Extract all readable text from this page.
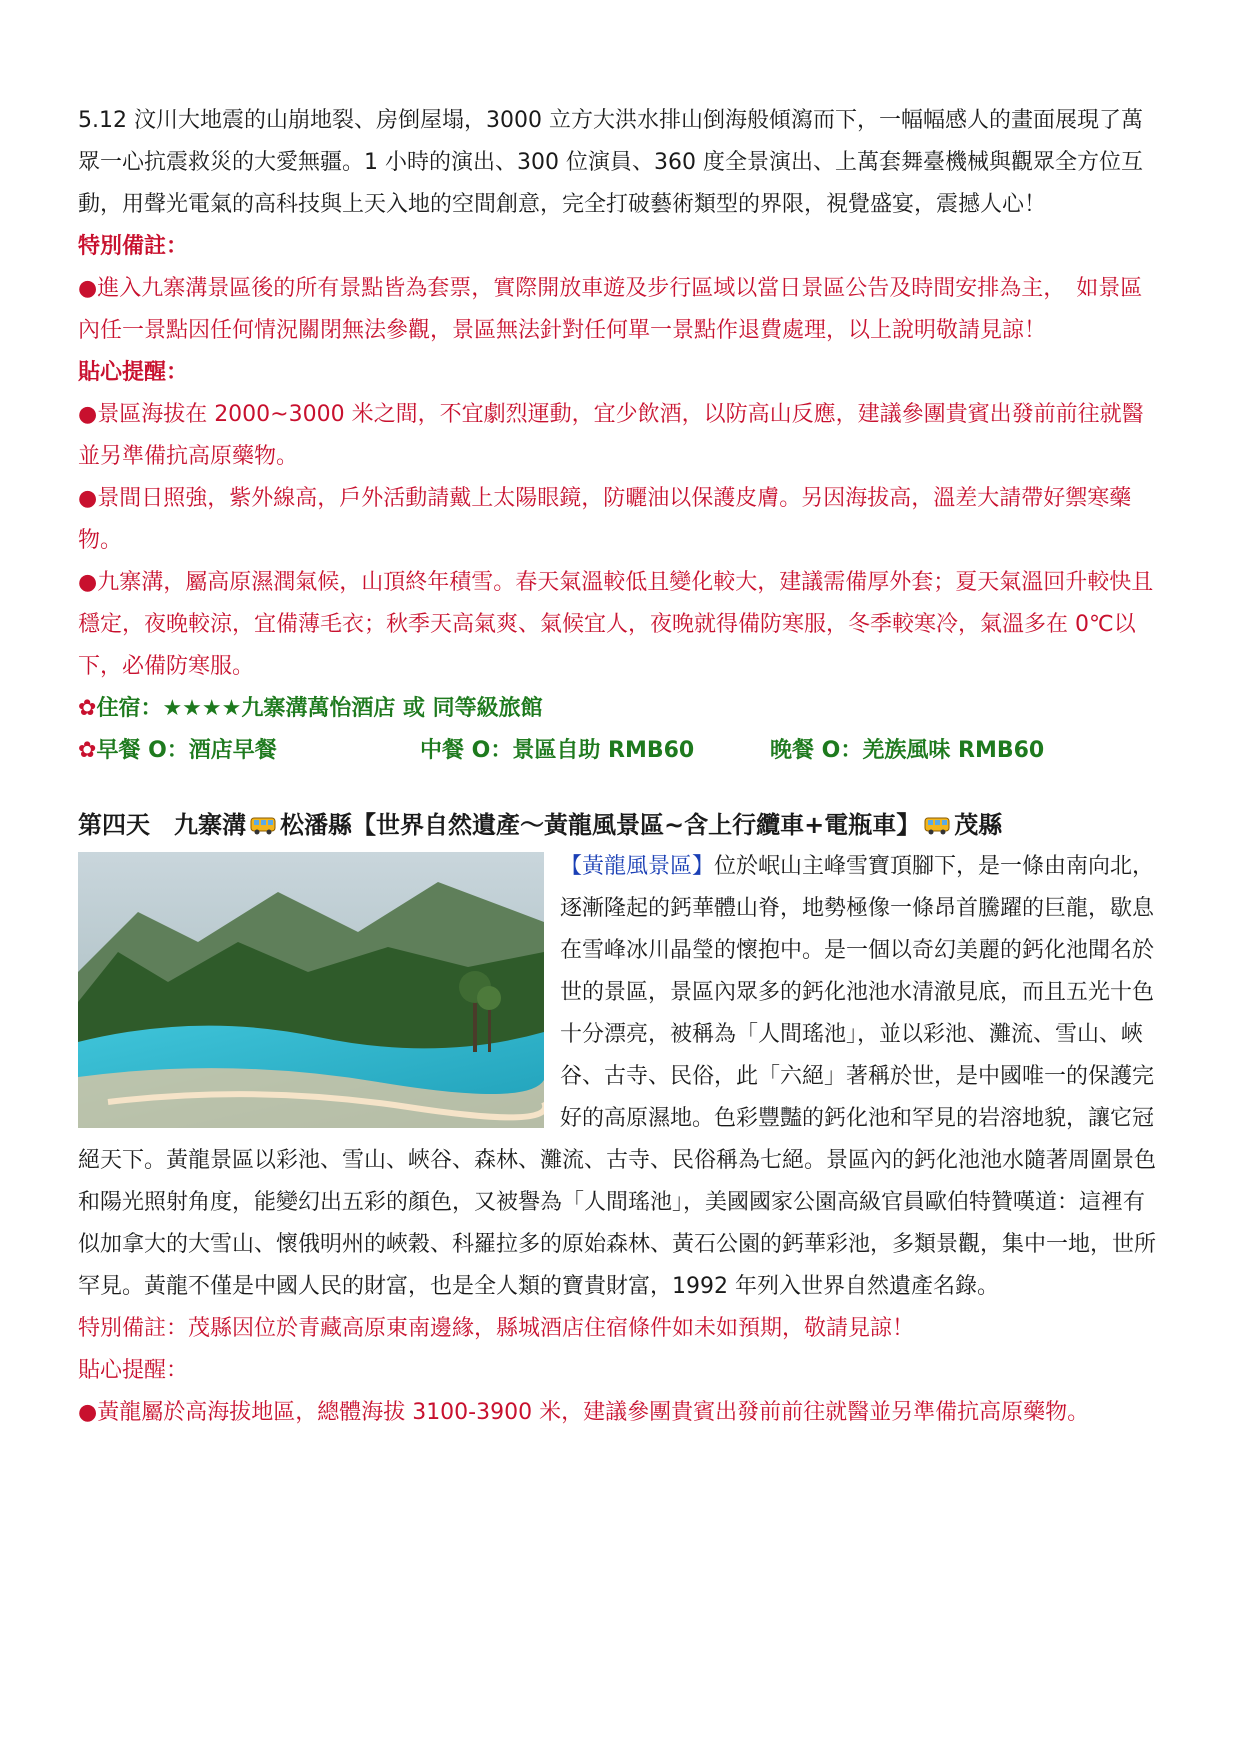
5.12 汶川大地震的山崩地裂、房倒屋塌，3000 立方大洪水排山倒海般傾瀉而下，一幅幅感人的畫面展現了萬眾一心抗震救災的大愛無疆。1 小時的演出、300 位演員、360 度全景演出、上萬套舞臺機械與觀眾全方位互動，用聲光電氣的高科技與上天入地的空間創意，完全打破藝術類型的界限，視覺盛宴，震撼人心！

特別備註：

●進入九寨溝景區後的所有景點皆為套票，實際開放車遊及步行區域以當日景區公告及時間安排為主，　如景區內任一景點因任何情況關閉無法參觀，景區無法針對任何單一景點作退費處理，以上說明敬請見諒！

貼心提醒：

●景區海拔在 2000~3000 米之間，不宜劇烈運動，宜少飲酒，以防高山反應，建議參團貴賓出發前前往就醫並另準備抗高原藥物。

●景間日照強，紫外線高，戶外活動請戴上太陽眼鏡，防曬油以保護皮膚。另因海拔高，溫差大請帶好禦寒藥物。

●九寨溝，屬高原濕潤氣候，山頂終年積雪。春天氣溫較低且變化較大，建議需備厚外套；夏天氣溫回升較快且穩定，夜晚較涼，宜備薄毛衣；秋季天高氣爽、氣候宜人，夜晚就得備防寒服，冬季較寒冷，氣溫多在 0℃以下，必備防寒服。

✿住宿：★★★★九寨溝萬怡酒店 或 同等級旅館

✿早餐 O：酒店早餐	中餐 O：景區自助 RMB60	晚餐 O：羌族風味 RMB60
第四天　九寨溝 松潘縣【世界自然遺產～黃龍風景區~含上行纜車+電瓶車】 茂縣

【黃龍風景區】位於岷山主峰雪寶頂腳下，是一條由南向北，逐漸隆起的鈣華體山脊，地勢極像一條昂首騰躍的巨龍，歇息在雪峰冰川晶瑩的懷抱中。是一個以奇幻美麗的鈣化池聞名於世的景區，景區內眾多的鈣化池池水清澈見底，而且五光十色十分漂亮，被稱為「人間瑤池」，並以彩池、灘流、雪山、峽谷、古寺、民俗，此「六絕」著稱於世，是中國唯一的保護完好的高原濕地。色彩豐豔的鈣化池和罕見的岩溶地貌，讓它冠絕天下。黃龍景區以彩池、雪山、峽谷、森林、灘流、古寺、民俗稱為七絕。景區內的鈣化池池水隨著周圍景色和陽光照射角度，能變幻出五彩的顏色，又被譽為「人間瑤池」，美國國家公園高級官員歐伯特贊嘆道：這裡有似加拿大的大雪山、懷俄明州的峽穀、科羅拉多的原始森林、黃石公園的鈣華彩池，多類景觀，集中一地，世所罕見。黃龍不僅是中國人民的財富，也是全人類的寶貴財富，1992 年列入世界自然遺產名錄。

特別備註：茂縣因位於青藏高原東南邊緣，縣城酒店住宿條件如未如預期，敬請見諒！

貼心提醒：

●黃龍屬於高海拔地區，總體海拔 3100-3900 米，建議參團貴賓出發前前往就醫並另準備抗高原藥物。
